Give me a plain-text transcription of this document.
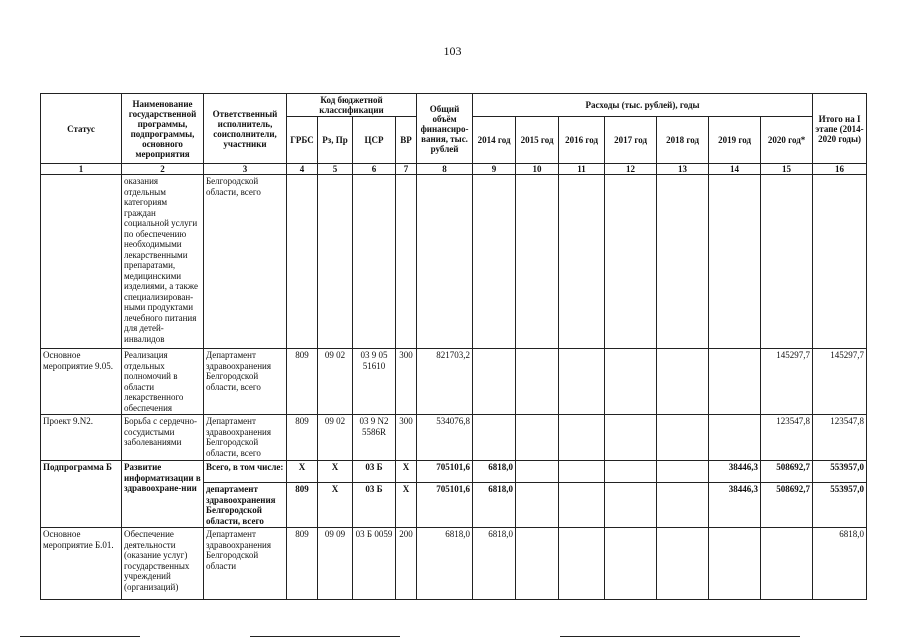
103
Статус	Наименование государственной программы, подпрограммы, основного мероприятия	Ответственный исполнитель, соисполнители, участники	Код бюджетной классификации				Общий объём финансиро-вания, тыс. рублей	Расходы (тыс. рублей), годы							Итого на I этапе (2014-2020 годы)
			ГРБС	Рз, Пр	ЦСР	ВР		2014 год	2015 год	2016 год	2017 год	2018 год	2019 год	2020 год*	
1	2	3	4	5	6	7	8	9	10	11	12	13	14	15	16
	оказания отдельным категориям граждан социальной услуги по обеспечению необходимыми лекарственными препаратами, медицинскими изделиями, а также специализирован-ными продуктами лечебного питания для детей-инвалидов	Белгородской области, всего													
Основное мероприятие 9.05.	Реализация отдельных полномочий в области лекарственного обеспечения	Департамент здравоохранения Белгородской области, всего	809	09 02	03 9 05 51610	300	821703,2							145297,7	145297,7
Проект 9.N2.	Борьба с сердечно-сосудистыми заболеваниями	Департамент здравоохранения Белгородской области, всего	809	09 02	03 9 N2 5586R	300	534076,8							123547,8	123547,8
Подпрограмма Б	Развитие информатизации в здравоохране-нии	Всего, в том числе:	X	X	03 Б	X	705101,6	6818,0					38446,3	508692,7	553957,0
		департамент здравоохранения Белгородской области, всего	809	X	03 Б	X	705101,6	6818,0					38446,3	508692,7	553957,0
Основное мероприятие Б.01.	Обеспечение деятельности (оказание услуг) государственных учреждений (организаций)	Департамент здравоохранения Белгородской области	809	09 09	03 Б 0059	200	6818,0	6818,0							6818,0
